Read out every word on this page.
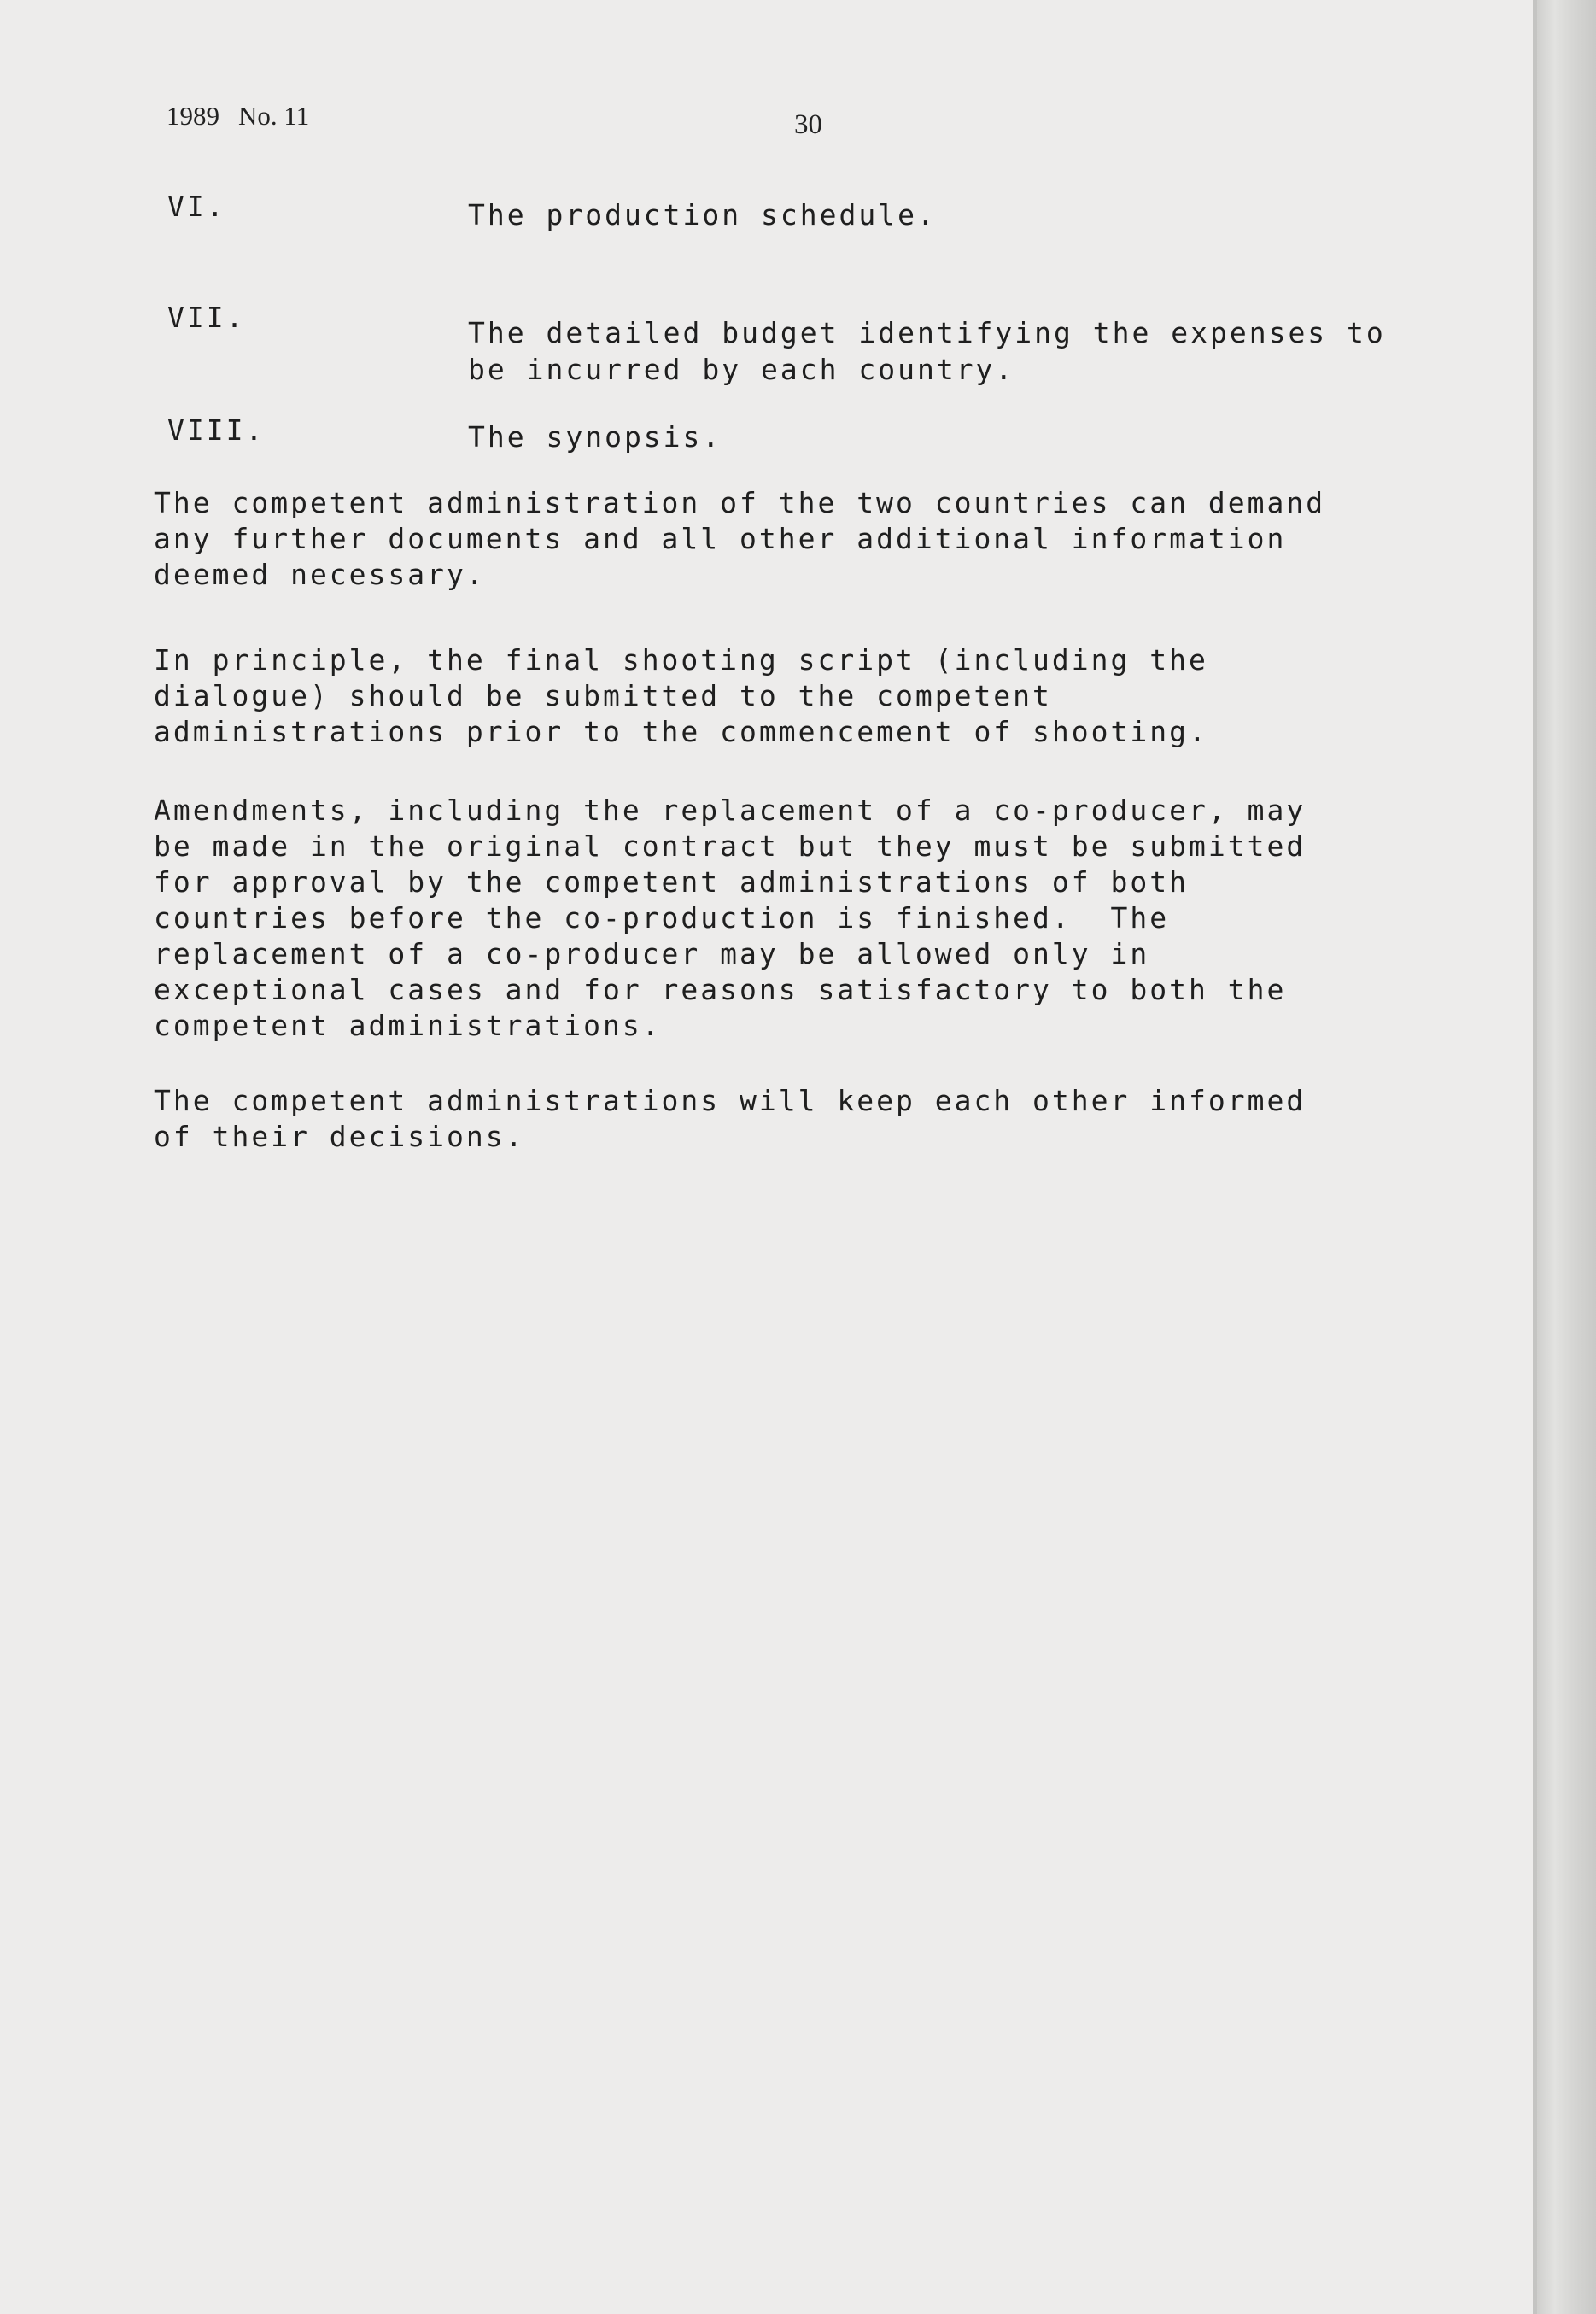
1989 No. 11	30
VI.	The production schedule.
VII.	The detailed budget identifying the expenses to
be incurred by each country.
VIII.	The synopsis.
The competent administration of the two countries can demand
any further documents and all other additional information
deemed necessary.
In principle, the final shooting script (including the
dialogue) should be submitted to the competent
administrations prior to the commencement of shooting.
Amendments, including the replacement of a co-producer, may
be made in the original contract but they must be submitted
for approval by the competent administrations of both
countries before the co-production is finished.  The
replacement of a co-producer may be allowed only in
exceptional cases and for reasons satisfactory to both the
competent administrations.
The competent administrations will keep each other informed
of their decisions.
